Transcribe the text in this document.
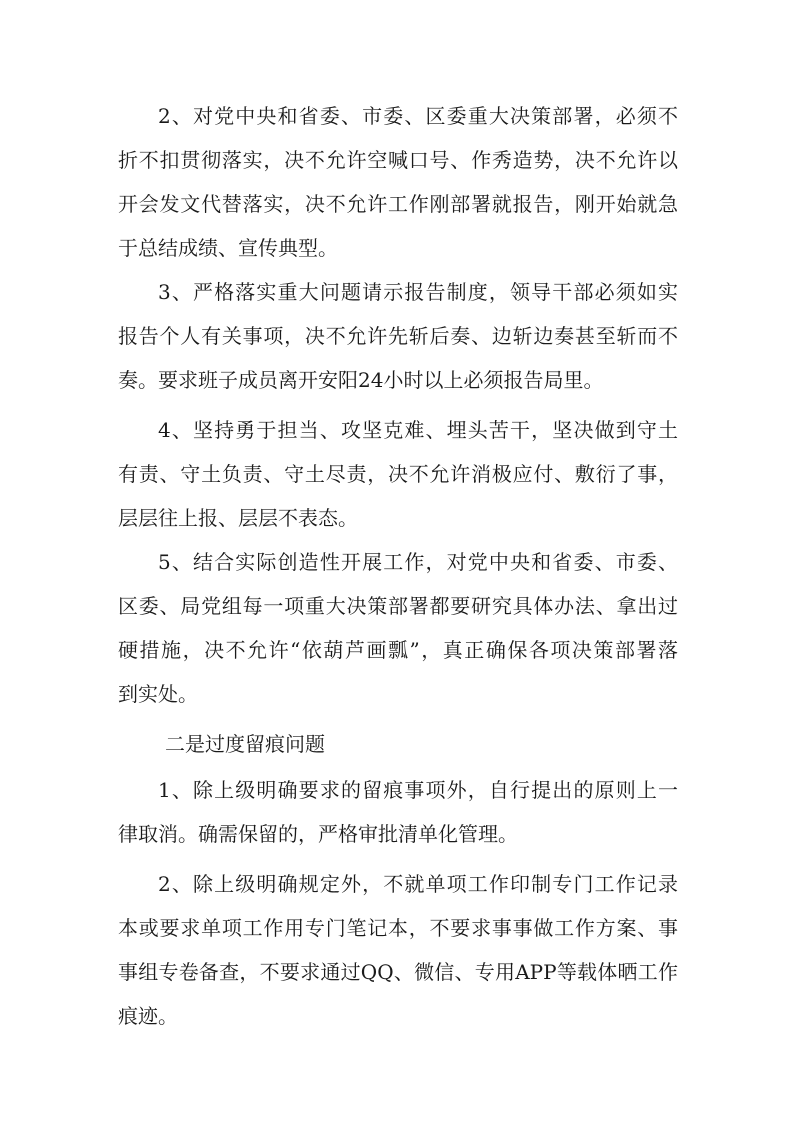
2、对党中央和省委、市委、区委重大决策部署，必须不
折不扣贯彻落实，决不允许空喊口号、作秀造势，决不允许以
开会发文代替落实，决不允许工作刚部署就报告，刚开始就急
于总结成绩、宣传典型。
3、严格落实重大问题请示报告制度，领导干部必须如实
报告个人有关事项，决不允许先斩后奏、边斩边奏甚至斩而不
奏。要求班子成员离开安阳24小时以上必须报告局里。
4、坚持勇于担当、攻坚克难、埋头苦干，坚决做到守土
有责、守土负责、守土尽责，决不允许消极应付、敷衍了事，
层层往上报、层层不表态。
5、结合实际创造性开展工作，对党中央和省委、市委、
区委、局党组每一项重大决策部署都要研究具体办法、拿出过
硬措施，决不允许“依葫芦画瓢”，真正确保各项决策部署落
到实处。
二是过度留痕问题
1、除上级明确要求的留痕事项外，自行提出的原则上一
律取消。确需保留的，严格审批清单化管理。
2、除上级明确规定外，不就单项工作印制专门工作记录
本或要求单项工作用专门笔记本，不要求事事做工作方案、事
事组专卷备查，不要求通过QQ、微信、专用APP等载体晒工作
痕迹。
